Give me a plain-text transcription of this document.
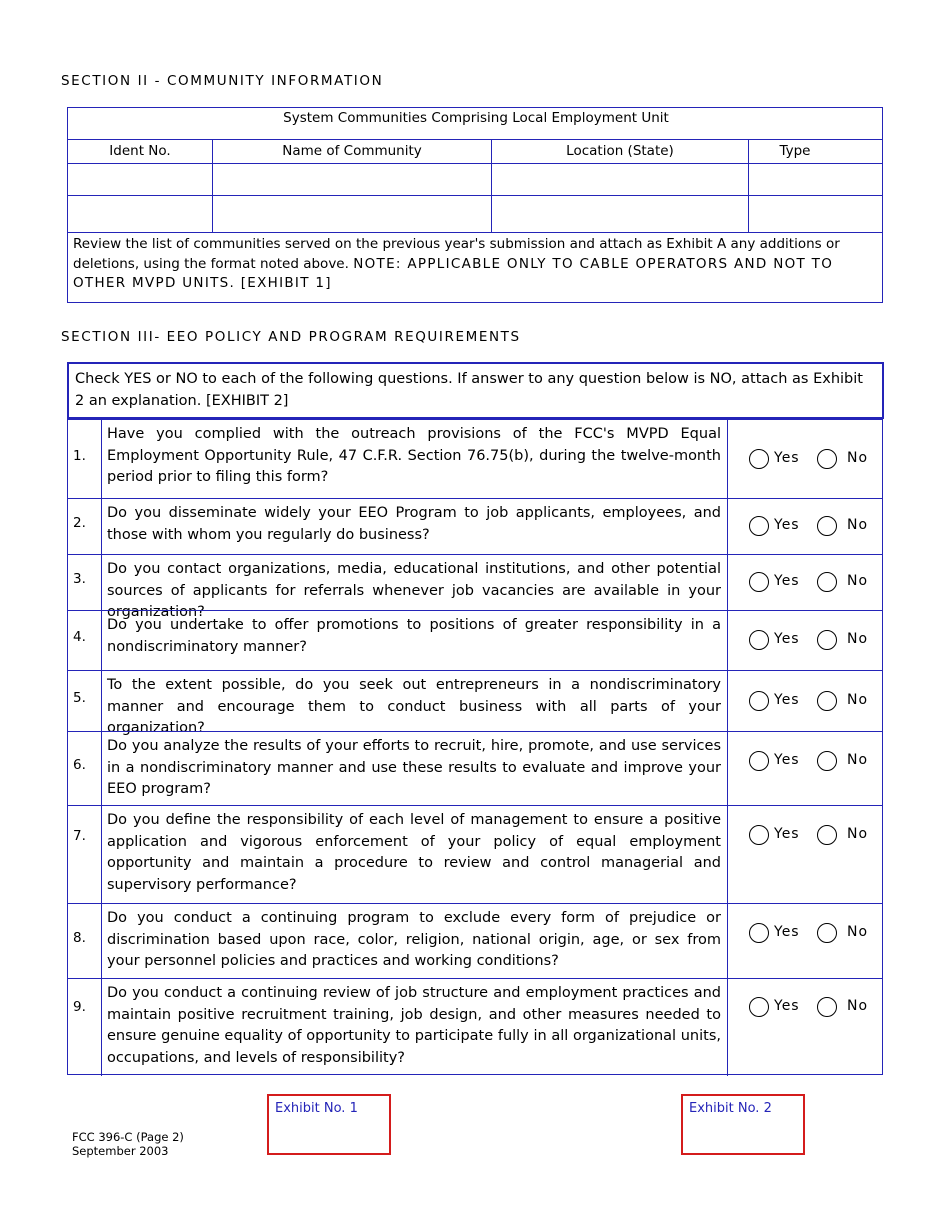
SECTION II - COMMUNITY INFORMATION
System Communities Comprising Local Employment Unit
Ident No.	Name of Community	Location (State)	Type
Review the list of communities served on the previous year's submission and attach as Exhibit A any additions or deletions, using the format noted above. NOTE: APPLICABLE ONLY TO CABLE OPERATORS AND NOT TO OTHER MVPD UNITS. [EXHIBIT 1]
SECTION III- EEO POLICY AND PROGRAM REQUIREMENTS
Check YES or NO to each of the following questions. If answer to any question below is NO, attach as Exhibit 2 an explanation. [EXHIBIT 2]
1.
Have you complied with the outreach provisions of the FCC's MVPD Equal Employment Opportunity Rule, 47 C.F.R. Section 76.75(b), during the twelve-month period prior to filing this form?
Yes	No
2.
Do you disseminate widely your EEO Program to job applicants, employees, and those with whom you regularly do business?
Yes	No
3.
Do you contact organizations, media, educational institutions, and other potential sources of applicants for referrals whenever job vacancies are available in your organization?
Yes	No
4.
Do you undertake to offer promotions to positions of greater responsibility in a nondiscriminatory manner?	Yes	No
5.
To the extent possible, do you seek out entrepreneurs in a nondiscriminatory manner and encourage them to conduct business with all parts of your organization?
Yes	No
6.
Do you analyze the results of your efforts to recruit, hire, promote, and use services in a nondiscriminatory manner and use these results to evaluate and improve your EEO program?
Yes	No
7.
Do you define the responsibility of each level of management to ensure a positive application and vigorous enforcement of your policy of equal employment opportunity and maintain a procedure to review and control managerial and supervisory performance?
Yes	No
8.
Do you conduct a continuing program to exclude every form of prejudice or discrimination based upon race, color, religion, national origin, age, or sex from your personnel policies and practices and working conditions?
Yes	No
9.
Do you conduct a continuing review of job structure and employment practices and maintain positive recruitment training, job design, and other measures needed to ensure genuine equality of opportunity to participate fully in all organizational units, occupations, and levels of responsibility?
Yes	No
Exhibit No. 1	Exhibit No. 2
FCC 396-C (Page 2)
September 2003
